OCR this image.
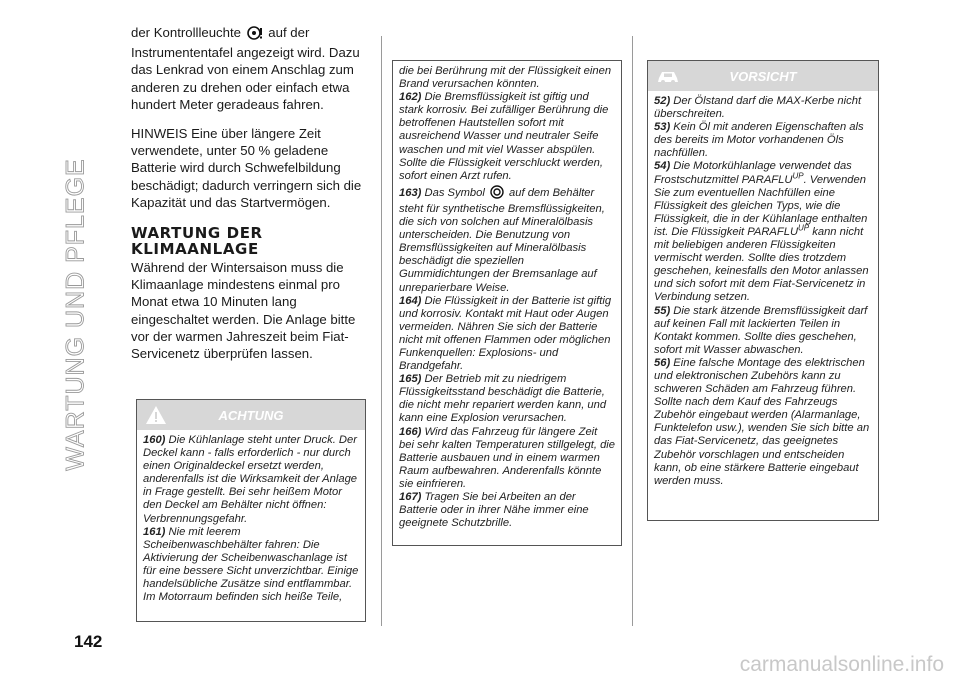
WARTUNG UND PFLEGE

der Kontrollleuchte  auf der Instrumententafel angezeigt wird. Dazu das Lenkrad von einem Anschlag zum anderen zu drehen oder einfach etwa hundert Meter geradeaus fahren.

HINWEIS Eine über längere Zeit verwendete, unter 50 % geladene Batterie wird durch Schwefelbildung beschädigt; dadurch verringern sich die Kapazität und das Startvermögen.

WARTUNG DER KLIMAANLAGE

Während der Wintersaison muss die Klimaanlage mindestens einmal pro Monat etwa 10 Minuten lang eingeschaltet werden. Die Anlage bitte vor der warmen Jahreszeit beim Fiat-Servicenetz überprüfen lassen.

ACHTUNG

160) Die Kühlanlage steht unter Druck. Der Deckel kann - falls erforderlich - nur durch einen Originaldeckel ersetzt werden, anderenfalls ist die Wirksamkeit der Anlage in Frage gestellt. Bei sehr heißem Motor den Deckel am Behälter nicht öffnen: Verbrennungsgefahr.

161) Nie mit leerem Scheibenwaschbehälter fahren: Die Aktivierung der Scheibenwaschanlage ist für eine bessere Sicht unverzichtbar. Einige handelsübliche Zusätze sind entflammbar. Im Motorraum befinden sich heiße Teile,

die bei Berührung mit der Flüssigkeit einen Brand verursachen könnten.

162) Die Bremsflüssigkeit ist giftig und stark korrosiv. Bei zufälliger Berührung die betroffenen Hautstellen sofort mit ausreichend Wasser und neutraler Seife waschen und mit viel Wasser abspülen. Sollte die Flüssigkeit verschluckt werden, sofort einen Arzt rufen.

163) Das Symbol  auf dem Behälter steht für synthetische Bremsflüssigkeiten, die sich von solchen auf Mineralölbasis unterscheiden. Die Benutzung von Bremsflüssigkeiten auf Mineralölbasis beschädigt die speziellen Gummidichtungen der Bremsanlage auf unreparierbare Weise.

164) Die Flüssigkeit in der Batterie ist giftig und korrosiv. Kontakt mit Haut oder Augen vermeiden. Nähren Sie sich der Batterie nicht mit offenen Flammen oder möglichen Funkenquellen: Explosions- und Brandgefahr.

165) Der Betrieb mit zu niedrigem Flüssigkeitsstand beschädigt die Batterie, die nicht mehr repariert werden kann, und kann eine Explosion verursachen.

166) Wird das Fahrzeug für längere Zeit bei sehr kalten Temperaturen stillgelegt, die Batterie ausbauen und in einem warmen Raum aufbewahren. Anderenfalls könnte sie einfrieren.

167) Tragen Sie bei Arbeiten an der Batterie oder in ihrer Nähe immer eine geeignete Schutzbrille.

VORSICHT

52) Der Ölstand darf die MAX-Kerbe nicht überschreiten.

53) Kein Öl mit anderen Eigenschaften als des bereits im Motor vorhandenen Öls nachfüllen.

54) Die Motorkühlanlage verwendet das Frostschutzmittel $PARAFLU^{UP}$. Verwenden Sie zum eventuellen Nachfüllen eine Flüssigkeit des gleichen Typs, wie die Flüssigkeit, die in der Kühlanlage enthalten ist. Die Flüssigkeit $PARAFLU^{UP}$ kann nicht mit beliebigen anderen Flüssigkeiten vermischt werden. Sollte dies trotzdem geschehen, keinesfalls den Motor anlassen und sich sofort mit dem Fiat-Servicenetz in Verbindung setzen.

55) Die stark ätzende Bremsflüssigkeit darf auf keinen Fall mit lackierten Teilen in Kontakt kommen. Sollte dies geschehen, sofort mit Wasser abwaschen.

56) Eine falsche Montage des elektrischen und elektronischen Zubehörs kann zu schweren Schäden am Fahrzeug führen. Sollte nach dem Kauf des Fahrzeugs Zubehör eingebaut werden (Alarmanlage, Funktelefon usw.), wenden Sie sich bitte an das Fiat-Servicenetz, das geeignetes Zubehör vorschlagen und entscheiden kann, ob eine stärkere Batterie eingebaut werden muss.

142
carmanualsonline.info
